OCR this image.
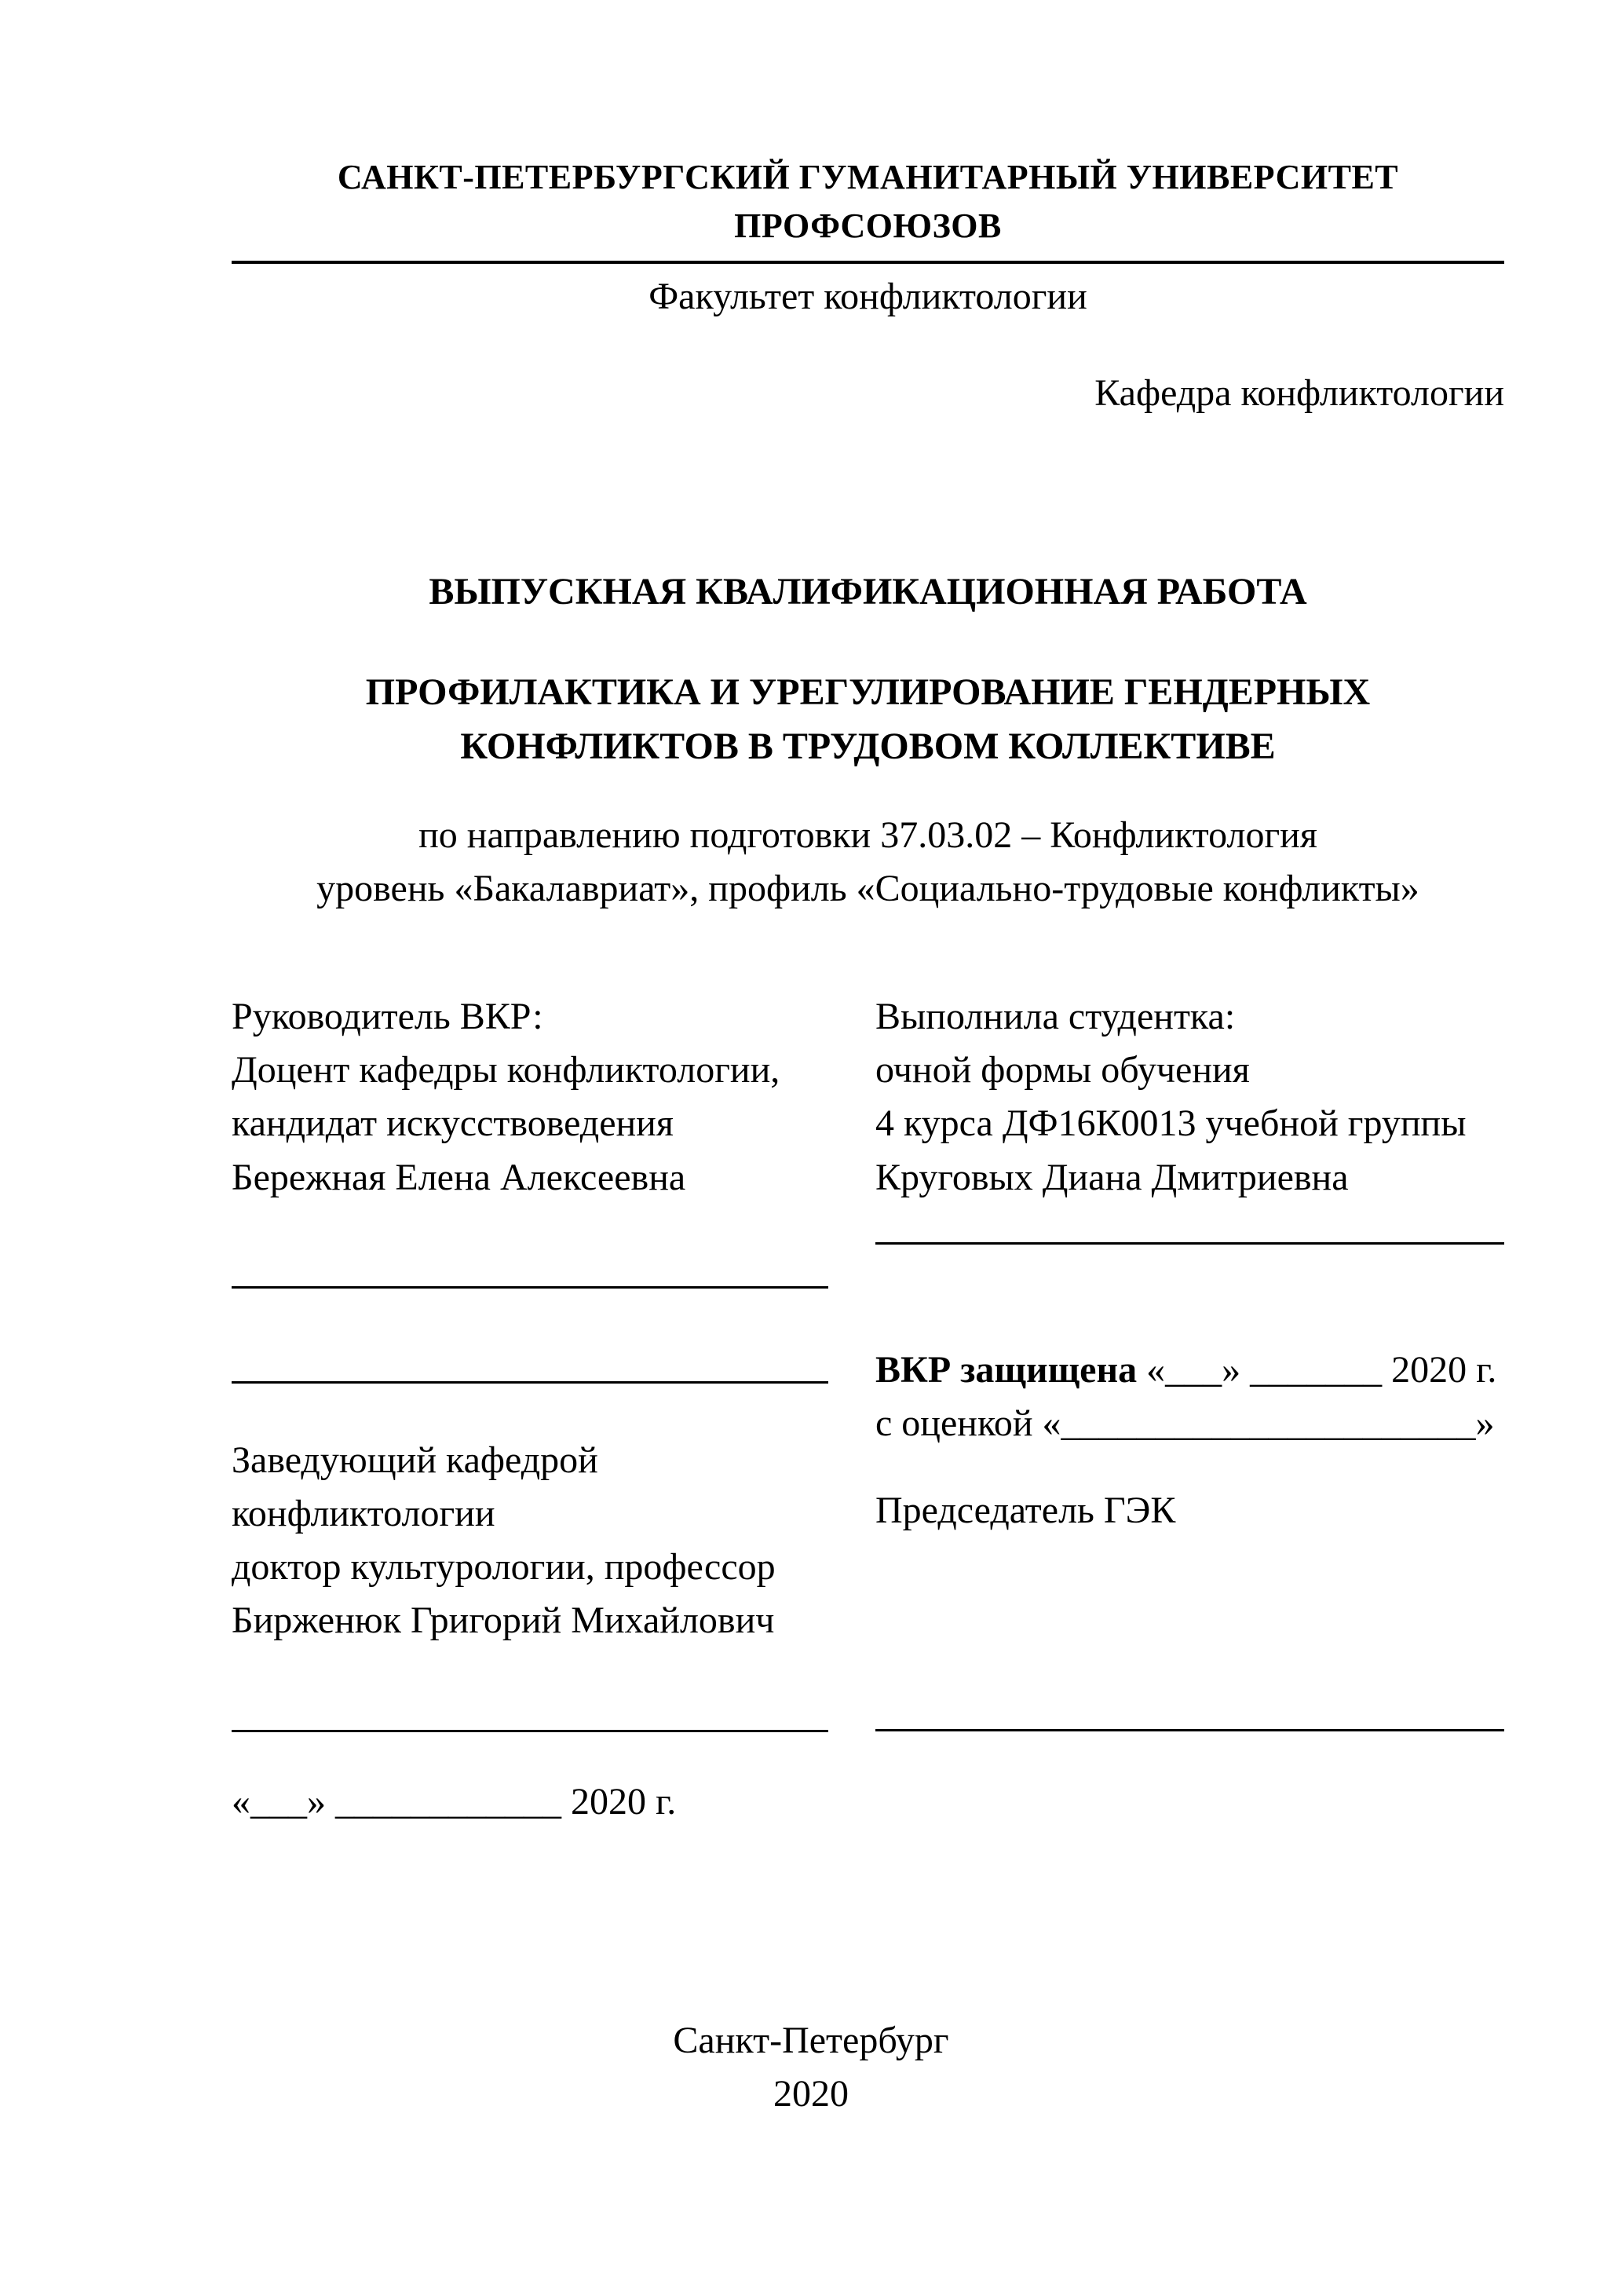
САНКТ-ПЕТЕРБУРГСКИЙ ГУМАНИТАРНЫЙ УНИВЕРСИТЕТ ПРОФСОЮЗОВ
Факультет конфликтологии
Кафедра конфликтологии
ВЫПУСКНАЯ КВАЛИФИКАЦИОННАЯ РАБОТА
ПРОФИЛАКТИКА И УРЕГУЛИРОВАНИЕ ГЕНДЕРНЫХ
КОНФЛИКТОВ В ТРУДОВОМ КОЛЛЕКТИВЕ
по направлению подготовки 37.03.02 – Конфликтология
уровень «Бакалавриат», профиль «Социально-трудовые конфликты»
Руководитель ВКР:
Доцент кафедры конфликтологии,
кандидат искусствоведения
Бережная Елена Алексеевна
Заведующий кафедрой
конфликтологии
доктор культурологии, профессор
Бирженюк Григорий Михайлович
«___» ____________ 2020 г.
Выполнила студентка:
очной формы обучения
4 курса ДФ16К0013 учебной группы
Круговых Диана Дмитриевна
ВКР защищена «___» _______ 2020 г.
с оценкой «______________________»
Председатель ГЭК
Санкт-Петербург
2020
